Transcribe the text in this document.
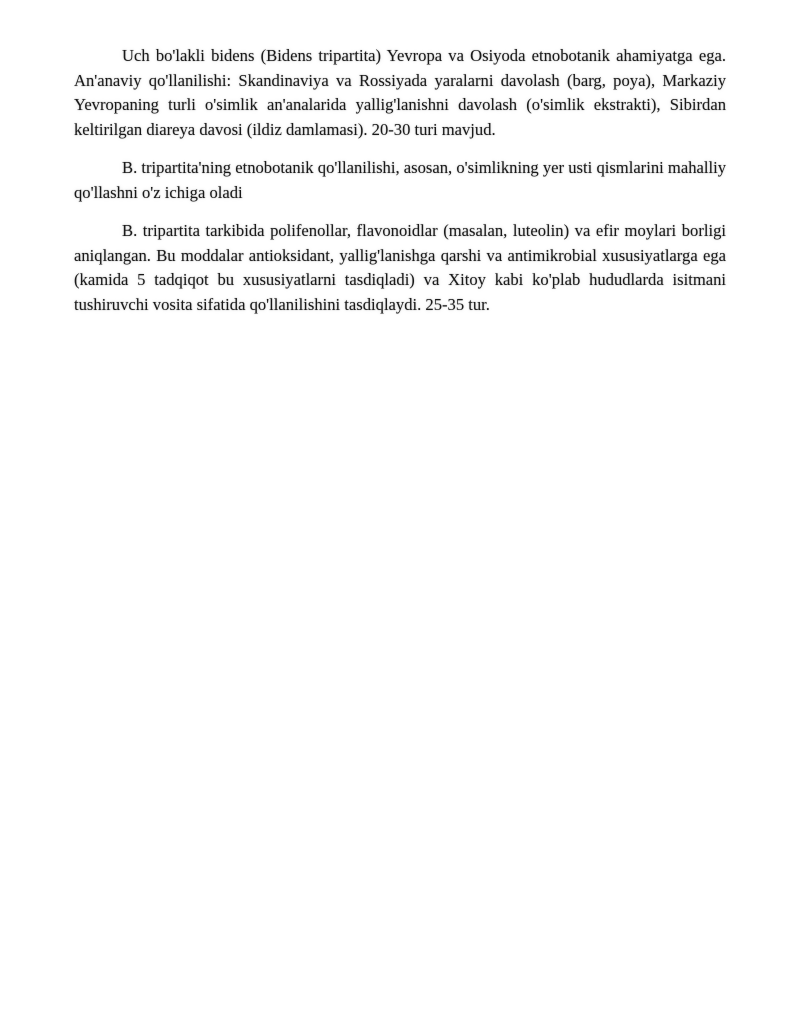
Uch bo'lakli bidens (Bidens tripartita) Yevropa va Osiyoda etnobotanik ahamiyatga ega. An'anaviy qo'llanilishi: Skandinaviya va Rossiyada yaralarni davolash (barg, poya), Markaziy Yevropaning turli o'simlik an'analarida yallig'lanishni davolash (o'simlik ekstrakti), Sibirdan keltirilgan diareya davosi (ildiz damlamasi). 20-30 turi mavjud.

B. tripartita'ning etnobotanik qo'llanilishi, asosan, o'simlikning yer usti qismlarini mahalliy qo'llashni o'z ichiga oladi

B. tripartita tarkibida polifenollar, flavonoidlar (masalan, luteolin) va efir moylari borligi aniqlangan. Bu moddalar antioksidant, yallig'lanishga qarshi va antimikrobial xususiyatlarga ega (kamida 5 tadqiqot bu xususiyatlarni tasdiqladi) va Xitoy kabi ko'plab hududlarda isitmani tushiruvchi vosita sifatida qo'llanilishini tasdiqlaydi. 25-35 tur.
